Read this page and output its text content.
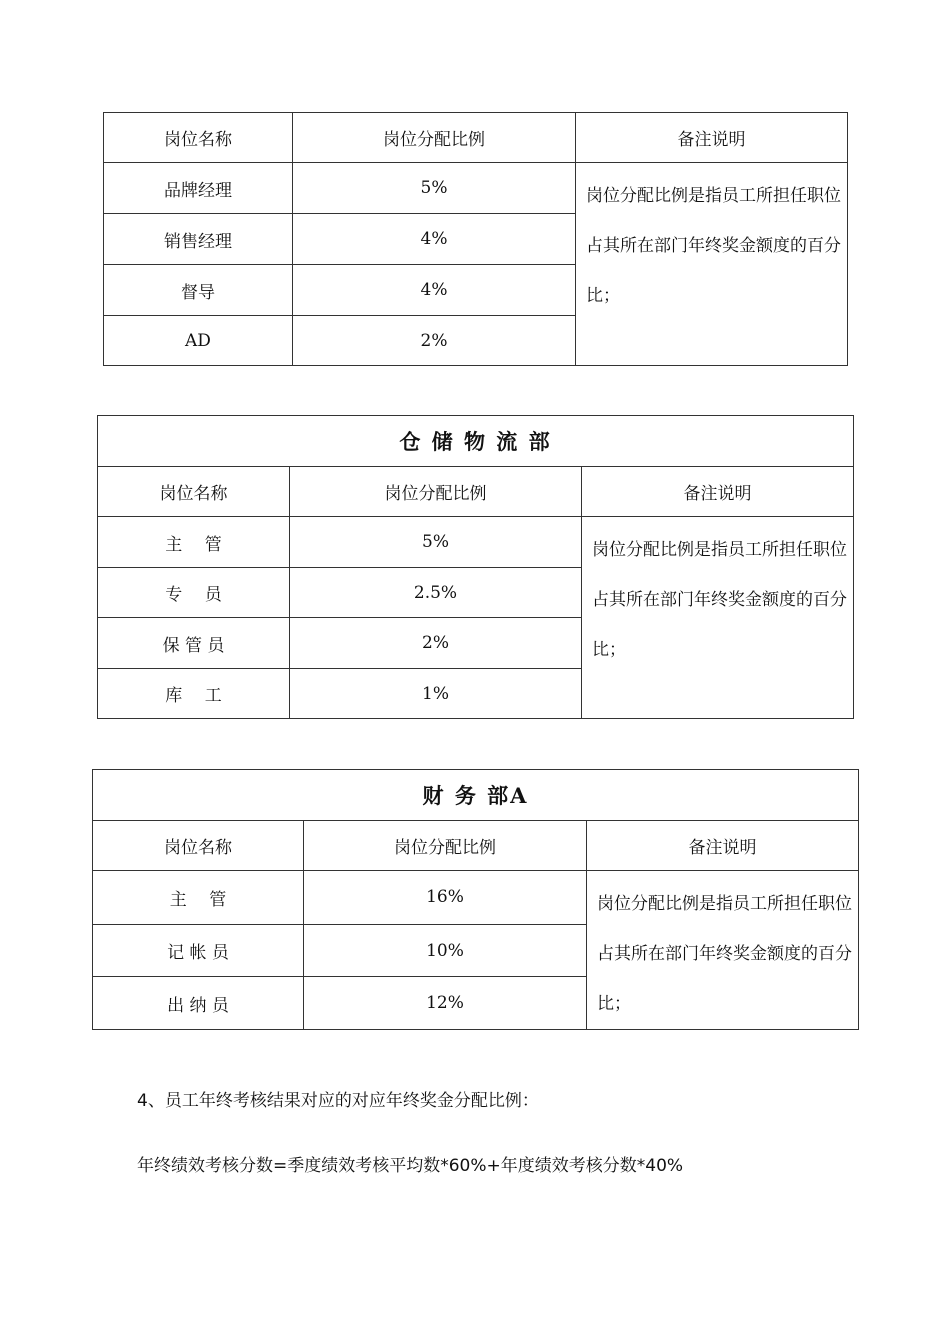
岗位名称	岗位分配比例	备注说明
品牌经理	5%	岗位分配比例是指员工所担任职位占其所在部门年终奖金额度的百分比；
销售经理	4%	
督导	4%	
AD	2%	
仓 储 物 流 部		
岗位名称	岗位分配比例	备注说明
主　 管	5%	岗位分配比例是指员工所担任职位占其所在部门年终奖金额度的百分比；
专　 员	2.5%	
保 管 员	2%	
库　 工	1%	
财 务 部A		
岗位名称	岗位分配比例	备注说明
主　 管	16%	岗位分配比例是指员工所担任职位占其所在部门年终奖金额度的百分比；
记 帐 员	10%	
出 纳 员	12%	
4、员工年终考核结果对应的对应年终奖金分配比例：
年终绩效考核分数=季度绩效考核平均数*60%+年度绩效考核分数*40%
